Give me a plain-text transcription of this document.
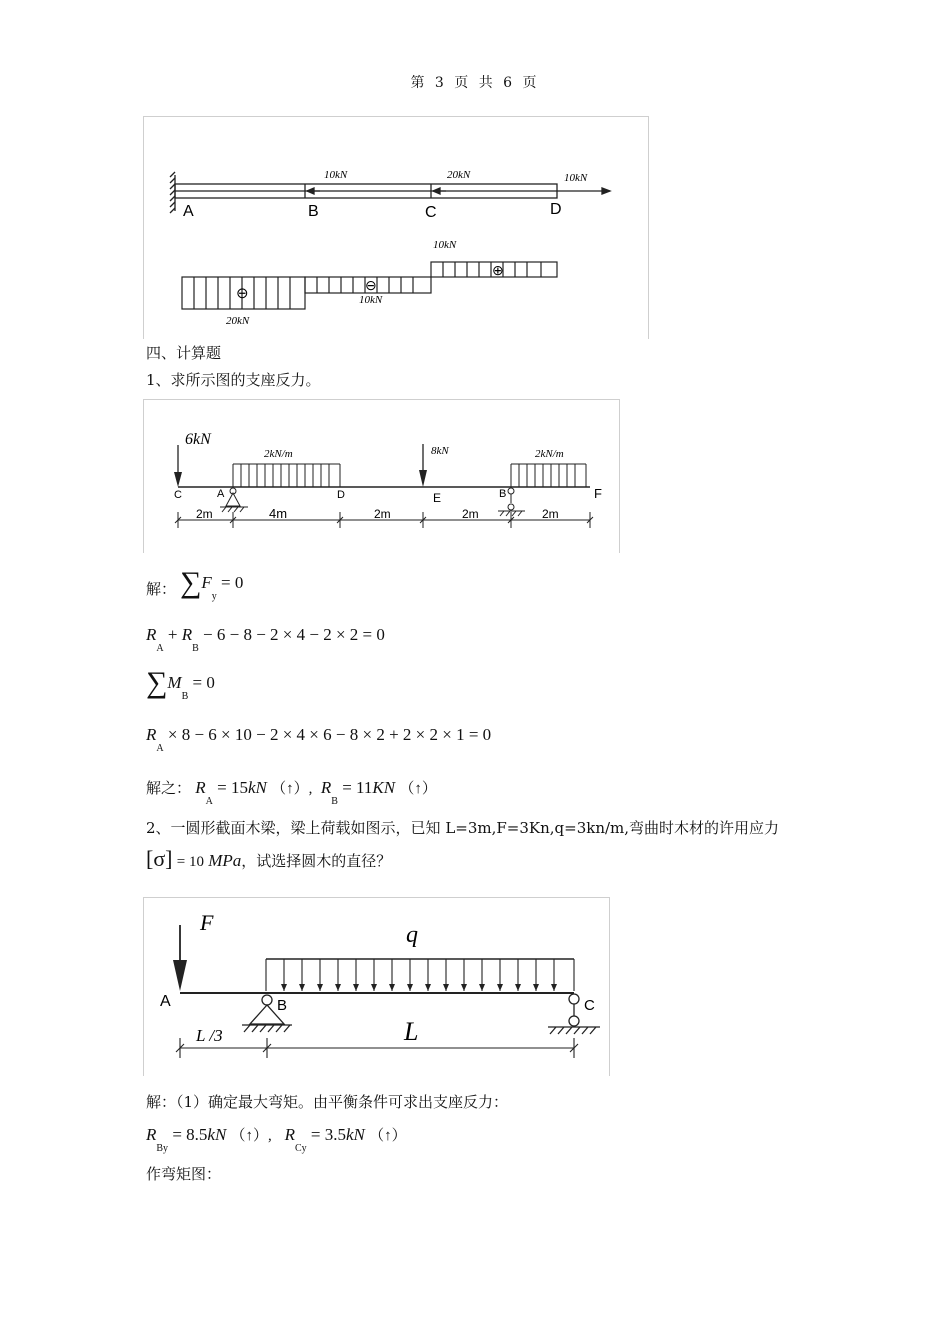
第 3 页 共 6 页
10kN	20kN	10kN
A	B	C	D
⊖	⊖
⊕
10kN
10kN
20kN
四、计算题
1、求所示图的支座反力。
6kN
2kN/m	8kN	2kN/m
C	A	D	E	B	F
2m	4m	2m	2m	2m
解： $\sum F_y = 0$
$R_A + R_B - 6 - 8 - 2 \times 4 - 2 \times 2 = 0$
$\sum M_B = 0$
$R_A \times 8 - 6 \times 10 - 2 \times 4 \times 6 - 8 \times 2 + 2 \times 2 \times 1 = 0$
解之： $R_A = 15kN$ （↑）, $R_B = 11KN$ （↑）
2、一圆形截面木梁，梁上荷载如图示，已知 L=3m,F=3Kn,q=3kn/m,弯曲时木材的许用应力
[σ] = 10 MPa，试选择圆木的直径？
F	q
A	B	C
L /3	L
解：（1）确定最大弯矩。由平衡条件可求出支座反力：
$R_{By} = 8.5kN$ （↑）, $R_{Cy} = 3.5kN$ （↑）
作弯矩图：
